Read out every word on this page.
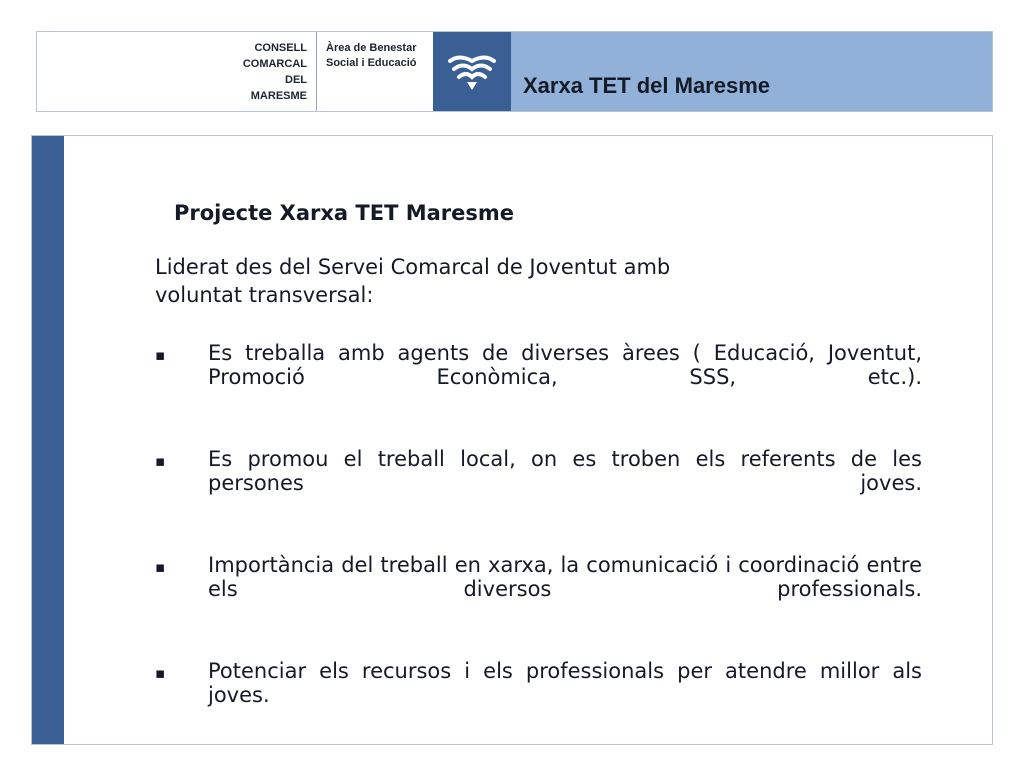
CONSELL
COMARCAL
DEL
MARESME
Àrea de Benestar
Social i Educació
Xarxa TET del Maresme
Projecte Xarxa TET Maresme
Liderat des del Servei Comarcal de Joventut amb
voluntat transversal:
▪ Es treballa amb agents de diverses àrees ( Educació, Joventut, Promoció Econòmica, SSS, etc.).
▪ Es promou el treball local, on es troben els referents de les persones joves.
▪ Importància del treball en xarxa, la comunicació i coordinació entre els diversos professionals.
▪ Potenciar els recursos i els professionals per atendre millor als joves.
